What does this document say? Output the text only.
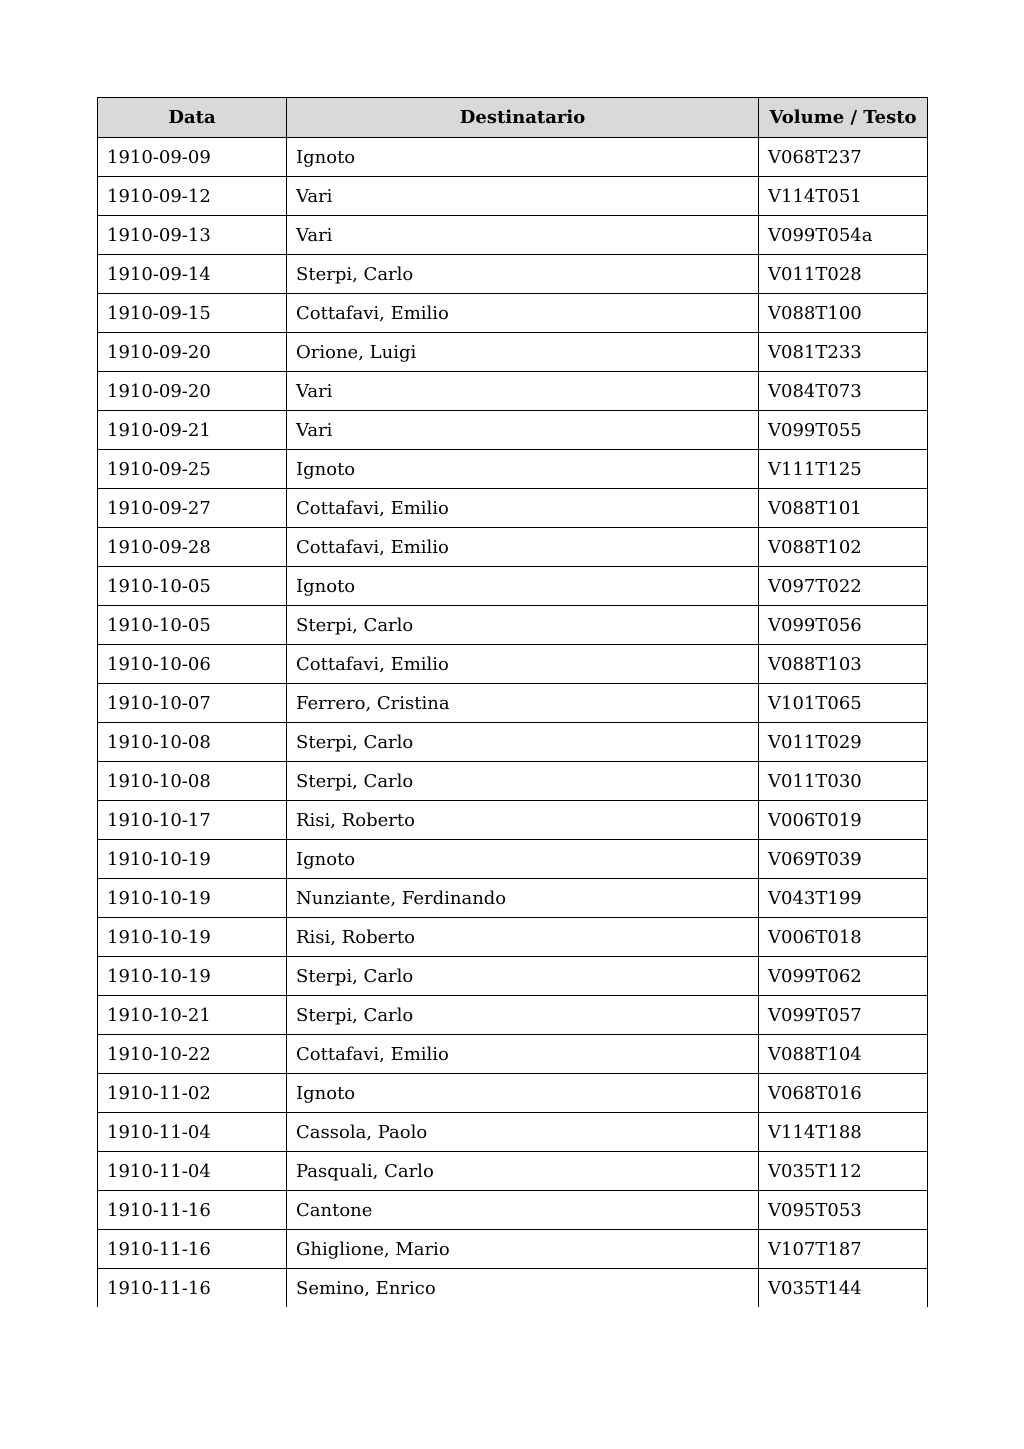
Data	Destinatario	Volume / Testo
1910-09-09	Ignoto	V068T237
1910-09-12	Vari	V114T051
1910-09-13	Vari	V099T054a
1910-09-14	Sterpi, Carlo	V011T028
1910-09-15	Cottafavi, Emilio	V088T100
1910-09-20	Orione, Luigi	V081T233
1910-09-20	Vari	V084T073
1910-09-21	Vari	V099T055
1910-09-25	Ignoto	V111T125
1910-09-27	Cottafavi, Emilio	V088T101
1910-09-28	Cottafavi, Emilio	V088T102
1910-10-05	Ignoto	V097T022
1910-10-05	Sterpi, Carlo	V099T056
1910-10-06	Cottafavi, Emilio	V088T103
1910-10-07	Ferrero, Cristina	V101T065
1910-10-08	Sterpi, Carlo	V011T029
1910-10-08	Sterpi, Carlo	V011T030
1910-10-17	Risi, Roberto	V006T019
1910-10-19	Ignoto	V069T039
1910-10-19	Nunziante, Ferdinando	V043T199
1910-10-19	Risi, Roberto	V006T018
1910-10-19	Sterpi, Carlo	V099T062
1910-10-21	Sterpi, Carlo	V099T057
1910-10-22	Cottafavi, Emilio	V088T104
1910-11-02	Ignoto	V068T016
1910-11-04	Cassola, Paolo	V114T188
1910-11-04	Pasquali, Carlo	V035T112
1910-11-16	Cantone	V095T053
1910-11-16	Ghiglione, Mario	V107T187
1910-11-16	Semino, Enrico	V035T144
